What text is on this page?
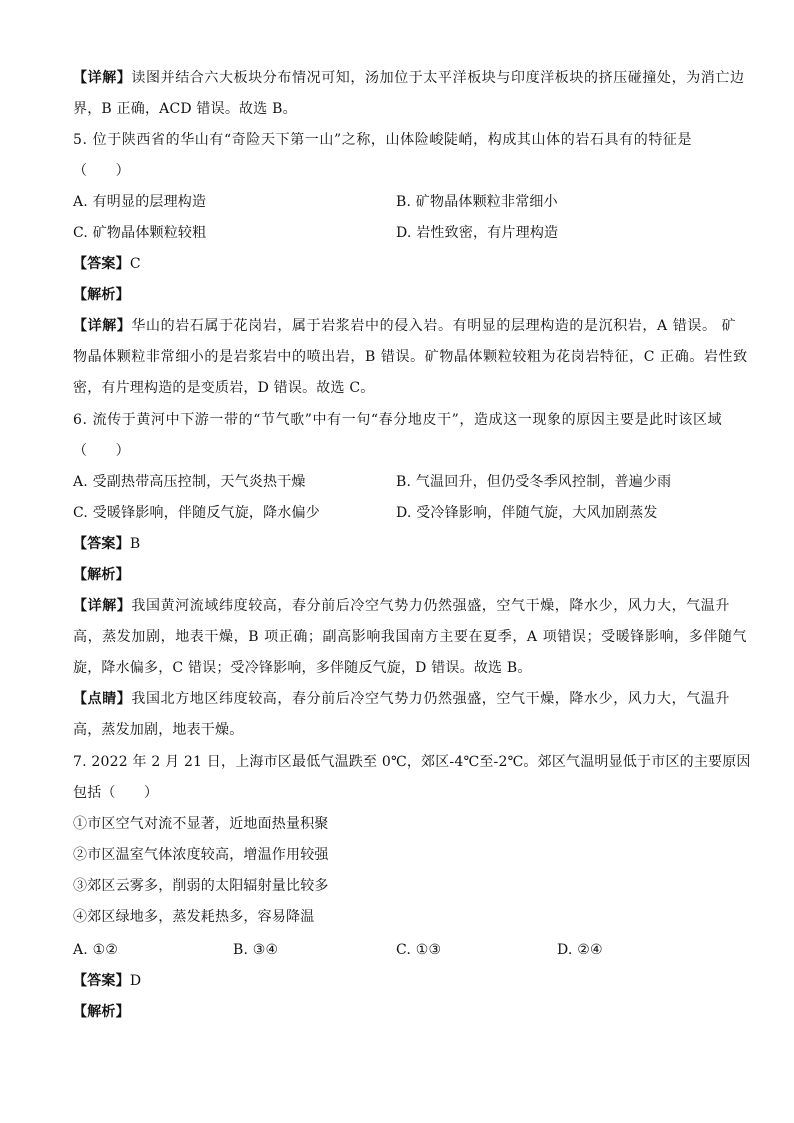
【详解】读图并结合六大板块分布情况可知，汤加位于太平洋板块与印度洋板块的挤压碰撞处，为消亡边
界，B 正确，ACD 错误。故选 B。
5. 位于陕西省的华山有“奇险天下第一山”之称，山体险峻陡峭，构成其山体的岩石具有的特征是
（　　）
A. 有明显的层理构造	B. 矿物晶体颗粒非常细小
C. 矿物晶体颗粒较粗	D. 岩性致密，有片理构造
【答案】C
【解析】
【详解】华山的岩石属于花岗岩，属于岩浆岩中的侵入岩。有明显的层理构造的是沉积岩，A 错误。 矿
物晶体颗粒非常细小的是岩浆岩中的喷出岩，B 错误。矿物晶体颗粒较粗为花岗岩特征，C 正确。岩性致
密，有片理构造的是变质岩，D 错误。故选 C。
6. 流传于黄河中下游一带的“节气歌”中有一句“春分地皮干”，造成这一现象的原因主要是此时该区域
（　　）
A. 受副热带高压控制，天气炎热干燥	B. 气温回升，但仍受冬季风控制，普遍少雨
C. 受暖锋影响，伴随反气旋，降水偏少	D. 受冷锋影响，伴随气旋，大风加剧蒸发
【答案】B
【解析】
【详解】我国黄河流域纬度较高，春分前后冷空气势力仍然强盛，空气干燥，降水少，风力大，气温升
高，蒸发加剧，地表干燥，B 项正确；副高影响我国南方主要在夏季，A 项错误；受暖锋影响，多伴随气
旋，降水偏多，C 错误；受冷锋影响，多伴随反气旋，D 错误。故选 B。
【点睛】我国北方地区纬度较高，春分前后冷空气势力仍然强盛，空气干燥，降水少，风力大，气温升
高，蒸发加剧，地表干燥。
7. 2022 年 2 月 21 日，上海市区最低气温跌至 0℃，郊区-4℃至-2℃。郊区气温明显低于市区的主要原因
包括（　　）
①市区空气对流不显著，近地面热量积聚
②市区温室气体浓度较高，增温作用较强
③郊区云雾多，削弱的太阳辐射量比较多
④郊区绿地多，蒸发耗热多，容易降温
A. ①②	B. ③④	C. ①③	D. ②④
【答案】D
【解析】
